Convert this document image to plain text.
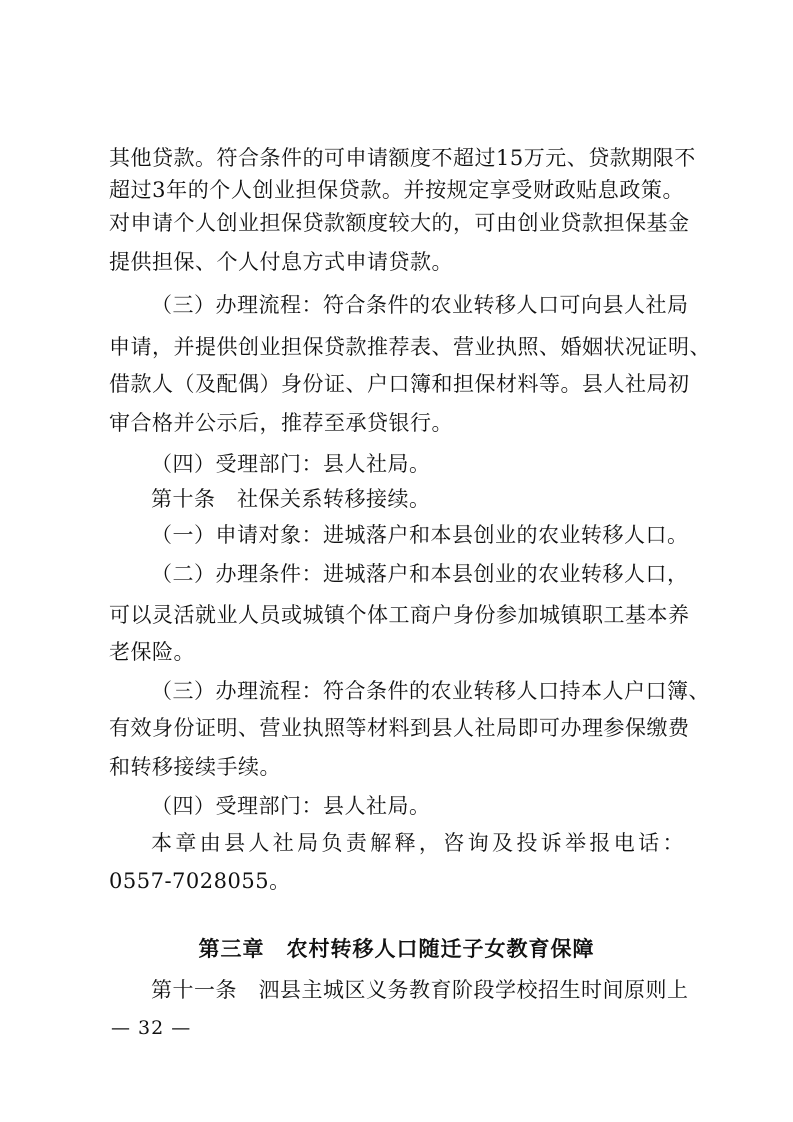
其他贷款。符合条件的可申请额度不超过15万元、贷款期限不
超过3年的个人创业担保贷款。并按规定享受财政贴息政策。
对申请个人创业担保贷款额度较大的，可由创业贷款担保基金
提供担保、个人付息方式申请贷款。
（三）办理流程：符合条件的农业转移人口可向县人社局
申请，并提供创业担保贷款推荐表、营业执照、婚姻状况证明、
借款人（及配偶）身份证、户口簿和担保材料等。县人社局初
审合格并公示后，推荐至承贷银行。
（四）受理部门：县人社局。
第十条　社保关系转移接续。
（一）申请对象：进城落户和本县创业的农业转移人口。
（二）办理条件：进城落户和本县创业的农业转移人口，
可以灵活就业人员或城镇个体工商户身份参加城镇职工基本养
老保险。
（三）办理流程：符合条件的农业转移人口持本人户口簿、
有效身份证明、营业执照等材料到县人社局即可办理参保缴费
和转移接续手续。
（四）受理部门：县人社局。
本章由县人社局负责解释，咨询及投诉举报电话：
0557-7028055。
第三章　农村转移人口随迁子女教育保障
第十一条　泗县主城区义务教育阶段学校招生时间原则上
— 32 —
